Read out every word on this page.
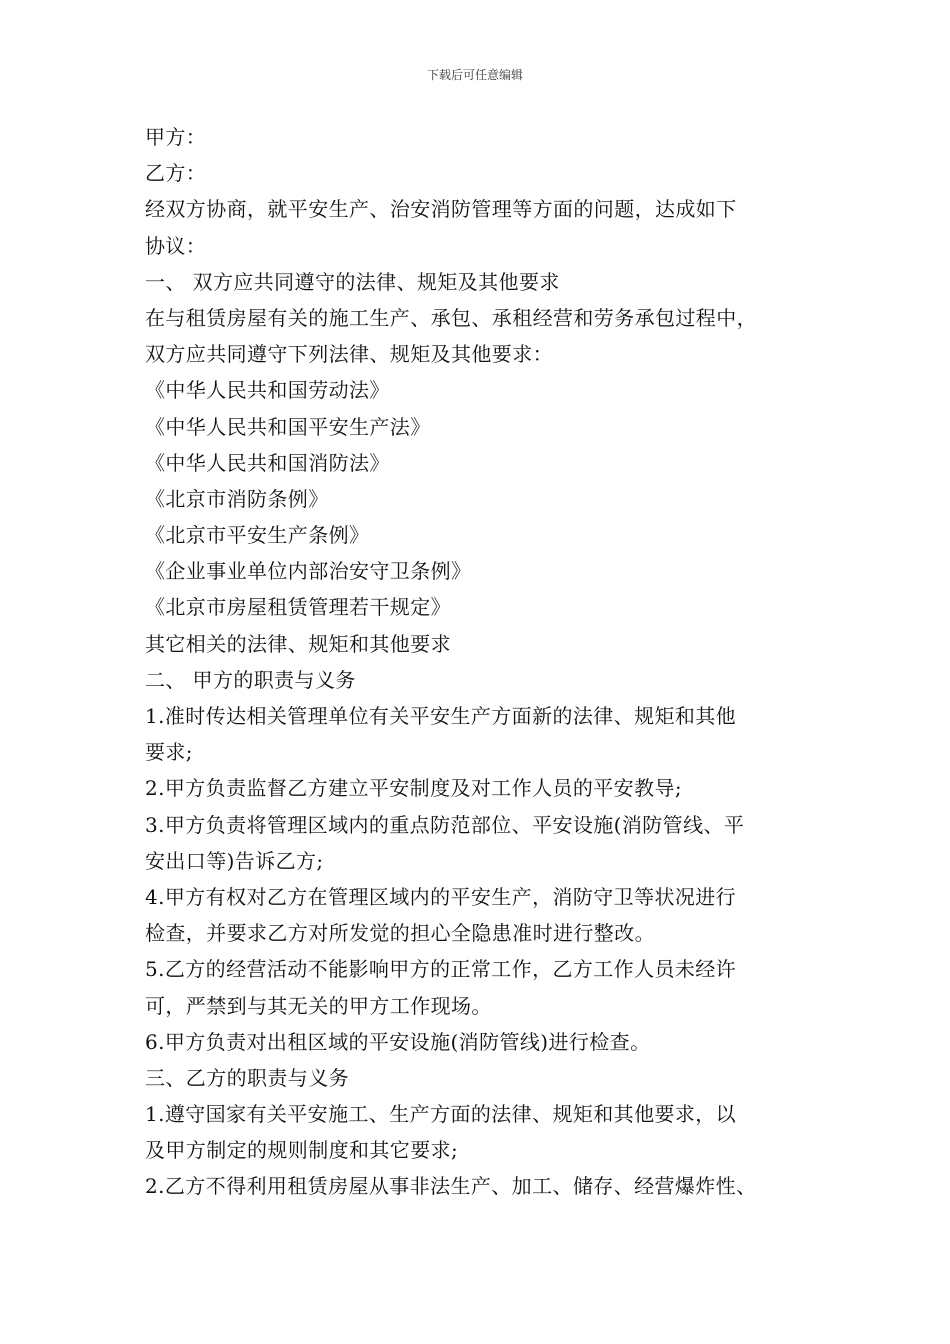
下载后可任意编辑
甲方：
乙方：
经双方协商，就平安生产、治安消防管理等方面的问题，达成如下
协议：
一、 双方应共同遵守的法律、规矩及其他要求
在与租赁房屋有关的施工生产、承包、承租经营和劳务承包过程中，
双方应共同遵守下列法律、规矩及其他要求：
《中华人民共和国劳动法》
《中华人民共和国平安生产法》
《中华人民共和国消防法》
《北京市消防条例》
《北京市平安生产条例》
《企业事业单位内部治安守卫条例》
《北京市房屋租赁管理若干规定》
其它相关的法律、规矩和其他要求
二、 甲方的职责与义务
1.准时传达相关管理单位有关平安生产方面新的法律、规矩和其他
要求;
2.甲方负责监督乙方建立平安制度及对工作人员的平安教导;
3.甲方负责将管理区域内的重点防范部位、平安设施(消防管线、平
安出口等)告诉乙方;
4.甲方有权对乙方在管理区域内的平安生产，消防守卫等状况进行
检查，并要求乙方对所发觉的担心全隐患准时进行整改。
5.乙方的经营活动不能影响甲方的正常工作，乙方工作人员未经许
可，严禁到与其无关的甲方工作现场。
6.甲方负责对出租区域的平安设施(消防管线)进行检查。
三、乙方的职责与义务
1.遵守国家有关平安施工、生产方面的法律、规矩和其他要求，以
及甲方制定的规则制度和其它要求;
2.乙方不得利用租赁房屋从事非法生产、加工、储存、经营爆炸性、
